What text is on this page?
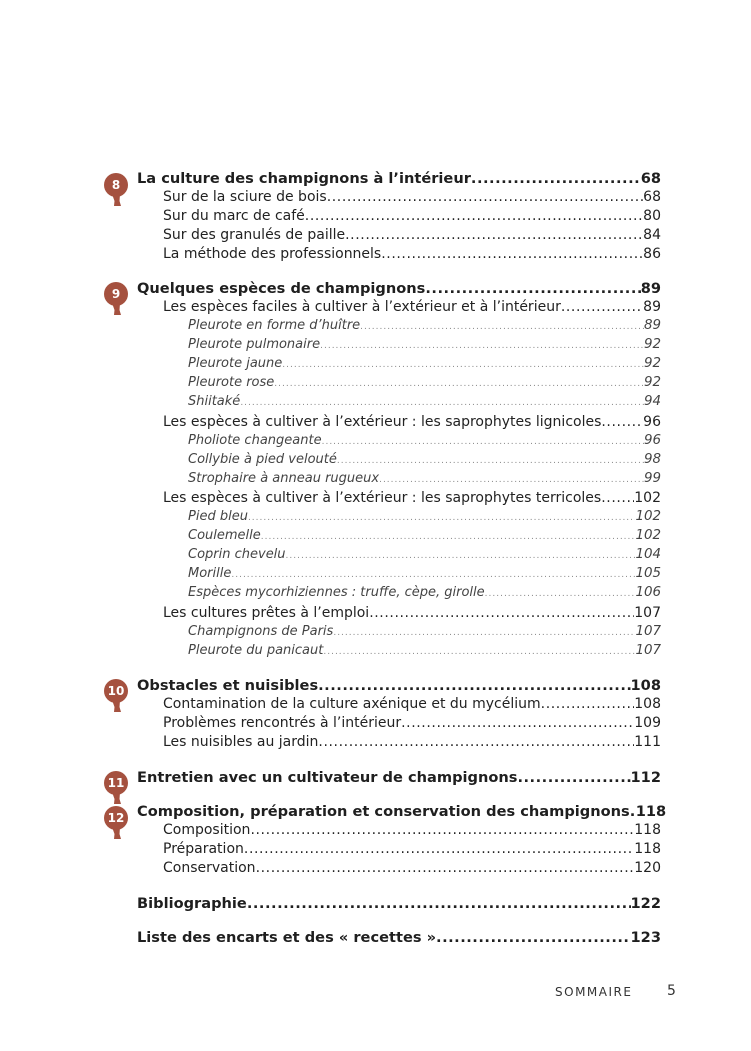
8	La culture des champignons à l’intérieur .....	68
Sur de la sciure de bois .....	68
Sur du marc de café .....	80
Sur des granulés de paille .....	84
La méthode des professionnels .....	86
9	Quelques espèces de champignons .....	89
Les espèces faciles à cultiver à l’extérieur et à l’intérieur .....	89
Pleurote en forme d’huître .....	89
Pleurote pulmonaire .....	92
Pleurote jaune .....	92
Pleurote rose .....	92
Shiitaké .....	94
Les espèces à cultiver à l’extérieur : les saprophytes lignicoles .....	96
Pholiote changeante .....	96
Collybie à pied velouté .....	98
Strophaire à anneau rugueux .....	99
Les espèces à cultiver à l’extérieur : les saprophytes terricoles ..... 102
Pied bleu .....	102
Coulemelle .....	102
Coprin chevelu .....	104
Morille .....	105
Espèces mycorhiziennes : truffe, cèpe, girolle .....	106
Les cultures prêtes à l’emploi .....	107
Champignons de Paris .....	107
Pleurote du panicaut .....	107
10 Obstacles et nuisibles .....	108
Contamination de la culture axénique et du mycélium .....	108
Problèmes rencontrés à l’intérieur .....	109
Les nuisibles au jardin .....	111
11 Entretien avec un cultivateur de champignons .....	112
12 Composition, préparation et conservation des champignons ..... 118
Composition .....	118
Préparation .....	118
Conservation .....	120
Bibliographie .....	122
Liste des encarts et des « recettes » .....	123
SOMMAIRE 5
